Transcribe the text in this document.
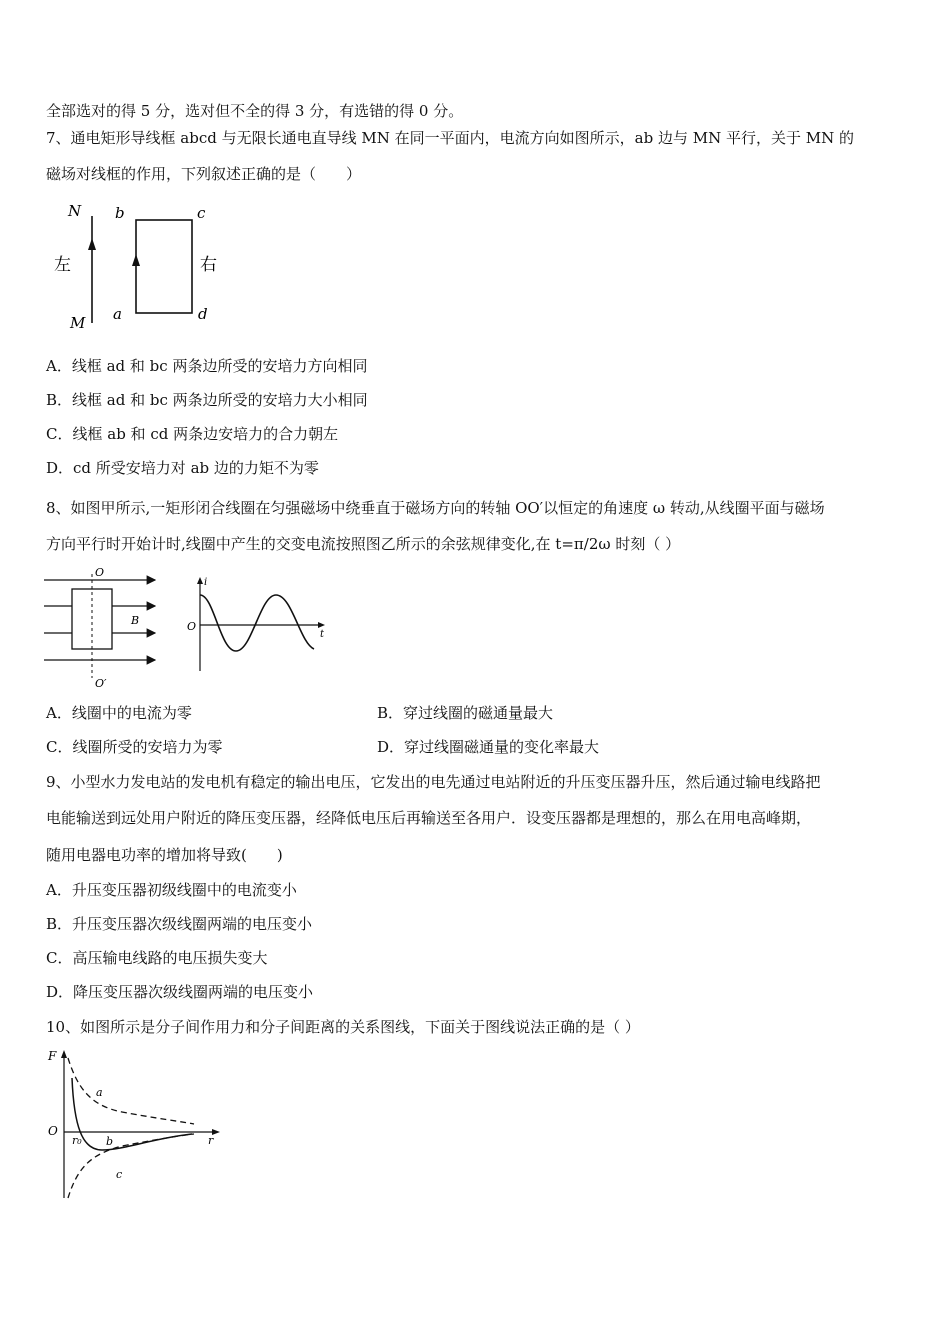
全部选对的得 5 分，选对但不全的得 3 分，有选错的得 0 分。
7、通电矩形导线框 abcd 与无限长通电直导线 MN 在同一平面内，电流方向如图所示，ab 边与 MN 平行，关于 MN 的
磁场对线框的作用，下列叙述正确的是（　　）
N
M
左
b	c
a	d
右
A．线框 ad 和 bc 两条边所受的安培力方向相同
B．线框 ad 和 bc 两条边所受的安培力大小相同
C．线框 ab 和 cd 两条边安培力的合力朝左
D．cd 所受安培力对 ab 边的力矩不为零
8、如图甲所示,一矩形闭合线圈在匀强磁场中绕垂直于磁场方向的转轴 OO′以恒定的角速度 ω 转动,从线圈平面与磁场
方向平行时开始计时,线圈中产生的交变电流按照图乙所示的余弦规律变化,在 t=π/2ω 时刻（ ）
O
O′
B
i
O
t
A．线圈中的电流为零	B．穿过线圈的磁通量最大
C．线圈所受的安培力为零	D．穿过线圈磁通量的变化率最大
9、小型水力发电站的发电机有稳定的输出电压，它发出的电先通过电站附近的升压变压器升压，然后通过输电线路把
电能输送到远处用户附近的降压变压器，经降低电压后再输送至各用户．设变压器都是理想的，那么在用电高峰期，
随用电器电功率的增加将导致(　　)
A．升压变压器初级线圈中的电流变小
B．升压变压器次级线圈两端的电压变小
C．高压输电线路的电压损失变大
D．降压变压器次级线圈两端的电压变小
10、如图所示是分子间作用力和分子间距离的关系图线，下面关于图线说法正确的是（ ）
F
O
r
r₀
a
b
c
